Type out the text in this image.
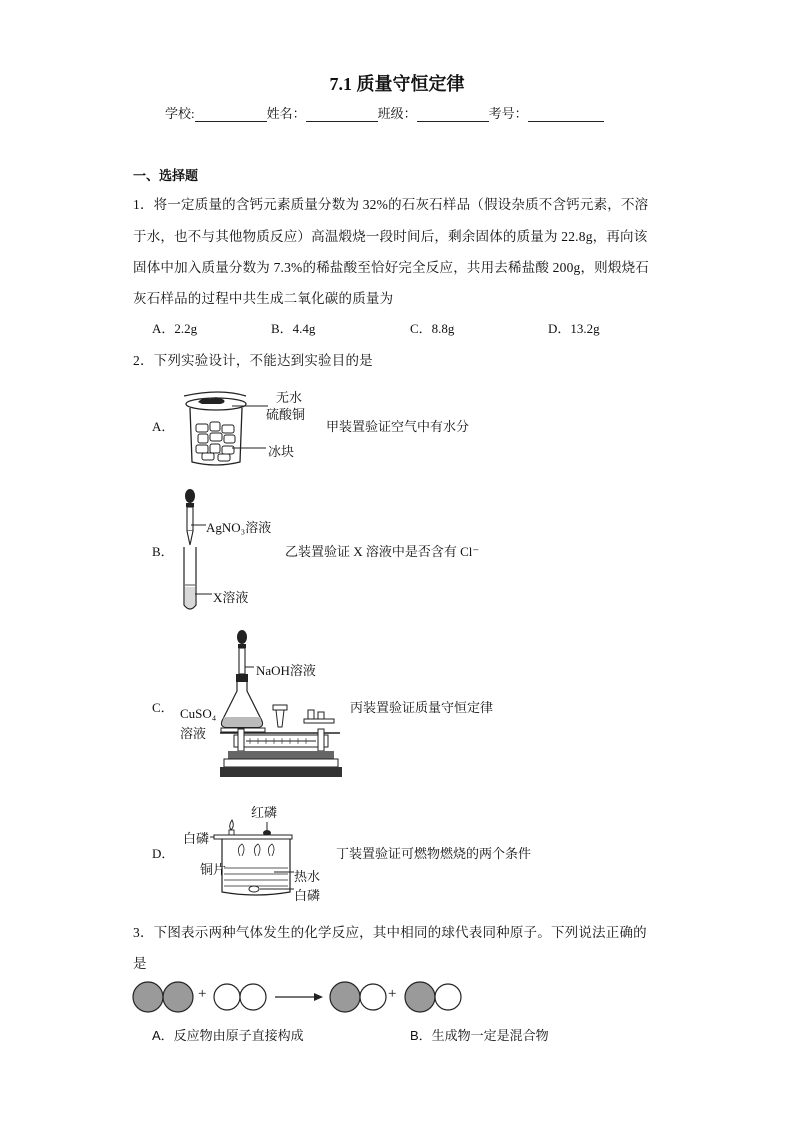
7.1 质量守恒定律
学校:	姓名：	班级：	考号：
一、选择题
1．将一定质量的含钙元素质量分数为 32%的石灰石样品（假设杂质不含钙元素，不溶
于水，也不与其他物质反应）高温煅烧一段时间后，剩余固体的质量为 22.8g，再向该
固体中加入质量分数为 7.3%的稀盐酸至恰好完全反应，共用去稀盐酸 200g，则煅烧石
灰石样品的过程中共生成二氧化碳的质量为
A．2.2g	B．4.4g	C．8.8g	D．13.2g
2．下列实验设计，不能达到实验目的是
A．
无水
硫酸铜
冰块
甲装置验证空气中有水分
B．
AgNO₃溶液
X溶液
乙装置验证 X 溶液中是否含有 Cl⁻
C．
NaOH溶液
CuSO₄
溶液
丙装置验证质量守恒定律
D．
红磷
白磷
铜片	热水
白磷
丁装置验证可燃物燃烧的两个条件
3．下图表示两种气体发生的化学反应，其中相同的球代表同种原子。下列说法正确的
是
+	+
A．反应物由原子直接构成	B．生成物一定是混合物
